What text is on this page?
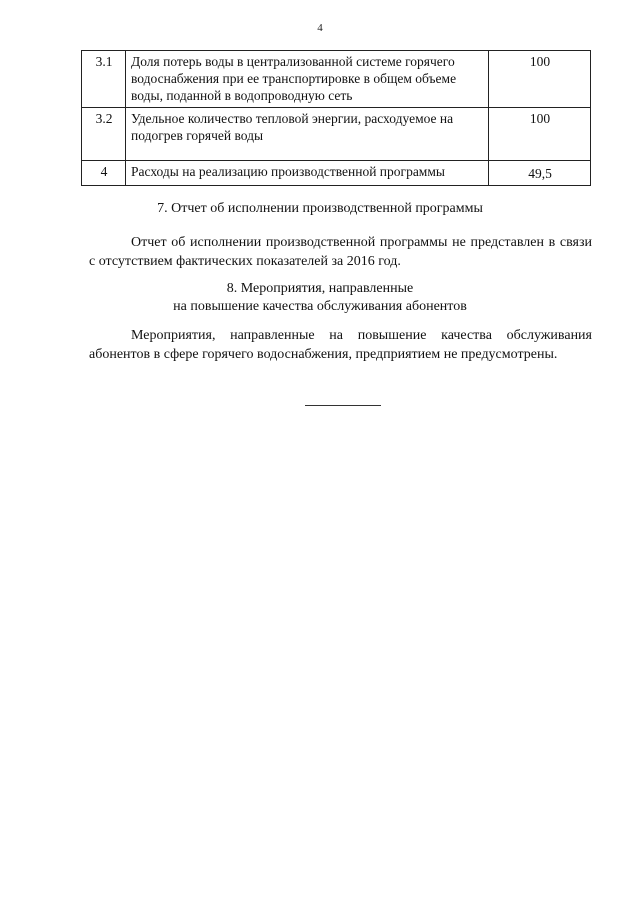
4
3.1	Доля потерь воды в централизованной системе горячего водоснабжения при ее транспортировке в общем объеме воды, поданной в водопроводную сеть	100
3.2	Удельное количество тепловой энергии, расходуемое на подогрев горячей воды	100
4	Расходы на реализацию производственной программы	49,5
7. Отчет об исполнении производственной программы
Отчет об исполнении производственной программы не представлен в связи с отсутствием фактических показателей за 2016 год.
8. Мероприятия, направленные
на повышение качества обслуживания абонентов
Мероприятия, направленные на повышение качества обслуживания абонентов в сфере горячего водоснабжения, предприятием не предусмотрены.
